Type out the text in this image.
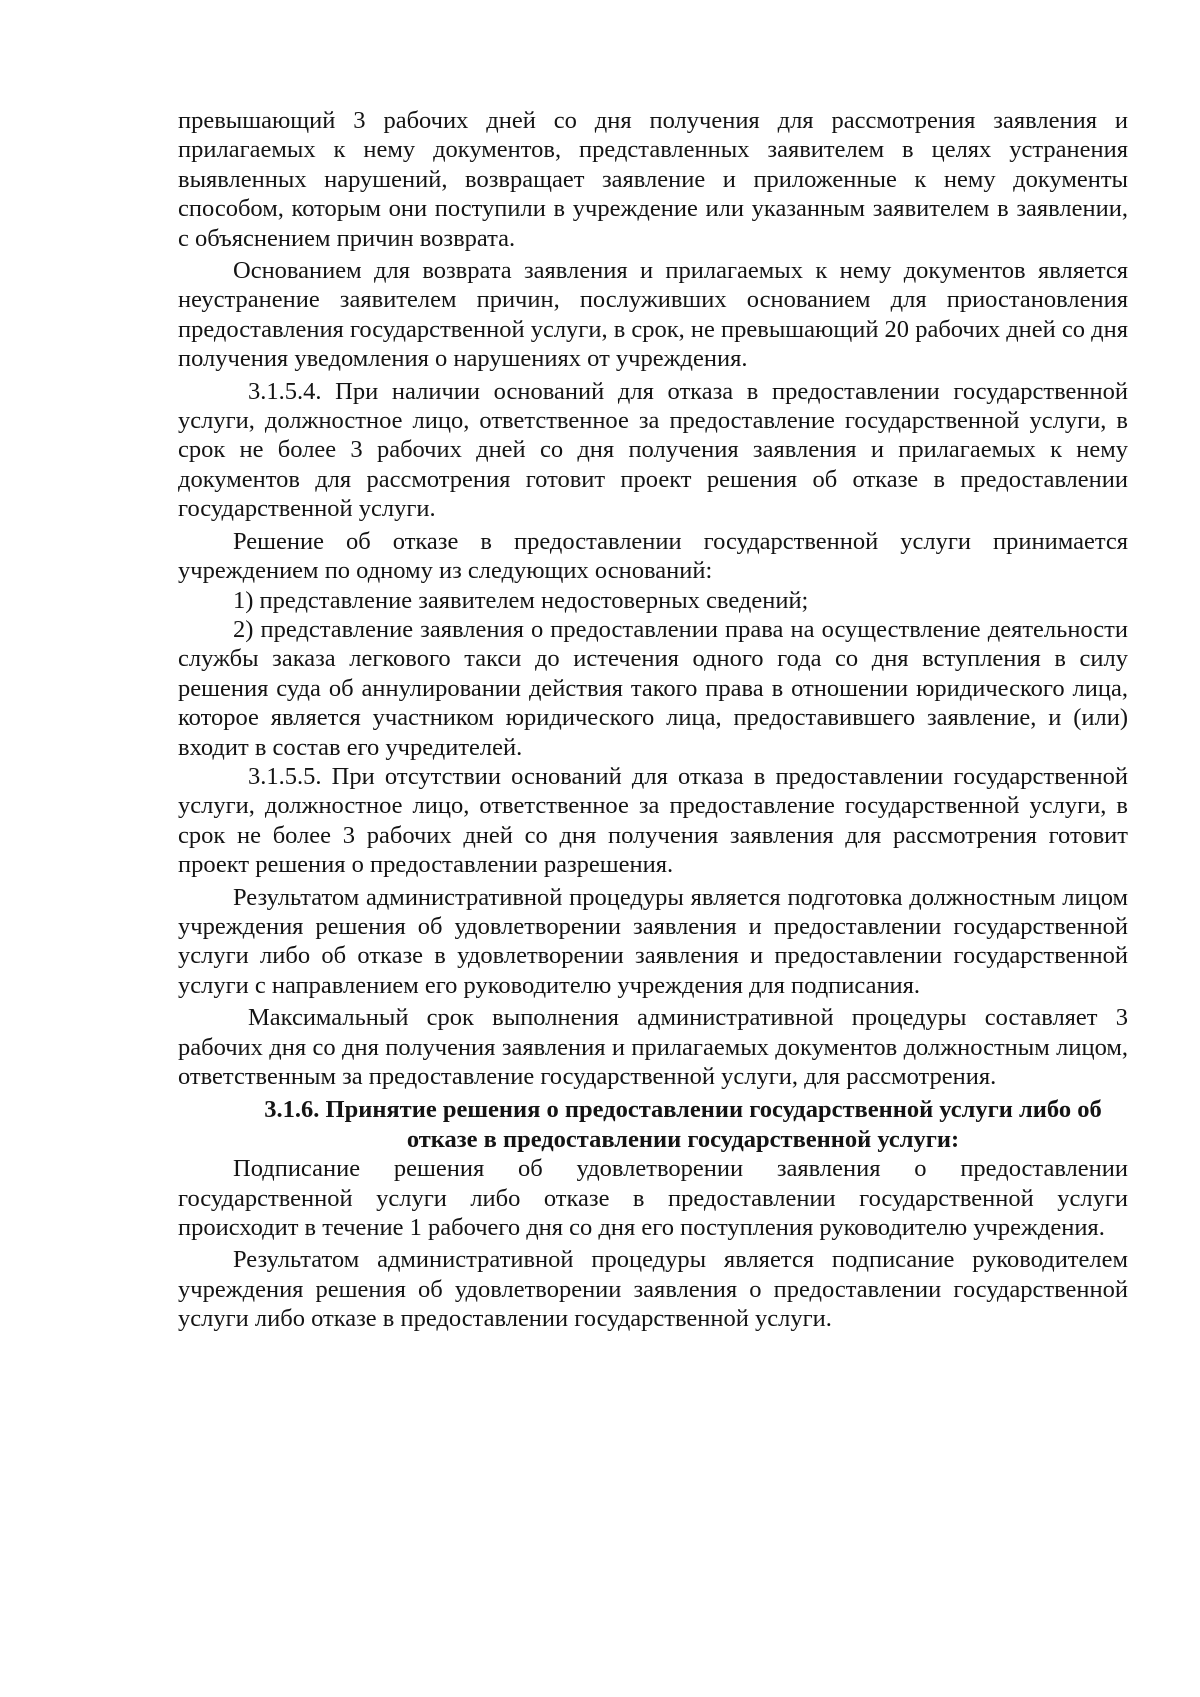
превышающий 3 рабочих дней со дня получения для рассмотрения заявления и прилагаемых к нему документов, представленных заявителем в целях устранения выявленных нарушений, возвращает заявление и приложенные к нему документы способом, которым они поступили в учреждение или указанным заявителем в заявлении, с объяснением причин возврата.

Основанием для возврата заявления и прилагаемых к нему документов является неустранение заявителем причин, послуживших основанием для приостановления предоставления государственной услуги, в срок, не превышающий 20 рабочих дней со дня получения уведомления о нарушениях от учреждения.

3.1.5.4. При наличии оснований для отказа в предоставлении государственной услуги, должностное лицо, ответственное за предоставление государственной услуги, в срок не более 3 рабочих дней со дня получения заявления и прилагаемых к нему документов для рассмотрения готовит проект решения об отказе в предоставлении государственной услуги.

Решение об отказе в предоставлении государственной услуги принимается учреждением по одному из следующих оснований:

1) представление заявителем недостоверных сведений;

2) представление заявления о предоставлении права на осуществление деятельности службы заказа легкового такси до истечения одного года со дня вступления в силу решения суда об аннулировании действия такого права в отношении юридического лица, которое является участником юридического лица, предоставившего заявление, и (или) входит в состав его учредителей.

3.1.5.5. При отсутствии оснований для отказа в предоставлении государственной услуги, должностное лицо, ответственное за предоставление государственной услуги, в срок не более 3 рабочих дней со дня получения заявления для рассмотрения готовит проект решения о предоставлении разрешения.

Результатом административной процедуры является подготовка должностным лицом учреждения решения об удовлетворении заявления и предоставлении государственной услуги либо об отказе в удовлетворении заявления и предоставлении государственной услуги с направлением его руководителю учреждения для подписания.

Максимальный срок выполнения административной процедуры составляет 3 рабочих дня со дня получения заявления и прилагаемых документов должностным лицом, ответственным за предоставление государственной услуги, для рассмотрения.

3.1.6. Принятие решения о предоставлении государственной услуги либо об отказе в предоставлении государственной услуги:

Подписание решения об удовлетворении заявления о предоставлении государственной услуги либо отказе в предоставлении государственной услуги происходит в течение 1 рабочего дня со дня его поступления руководителю учреждения.

Результатом административной процедуры является подписание руководителем учреждения решения об удовлетворении заявления о предоставлении государственной услуги либо отказе в предоставлении государственной услуги.
